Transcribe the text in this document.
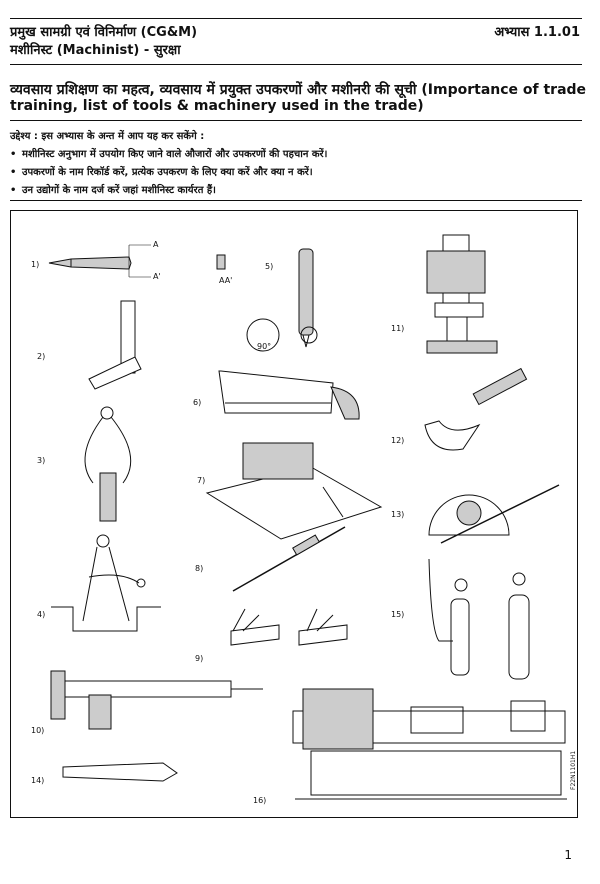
प्रमुख सामग्री एवं विनिर्माण (CG&M)
मशीनिस्ट (Machinist) - सुरक्षा
अभ्यास 1.1.01
व्यवसाय प्रशिक्षण का महत्व, व्यवसाय में प्रयुक्त उपकरणों और मशीनरी की सूची (Importance of trade
training, list of tools & machinery used in the trade)
उद्देश्य : इस अभ्यास के अन्त में आप यह कर सकेंगे :
• मशीनिस्ट अनुभाग में उपयोग किए जाने वाले औजारों और उपकरणों की पहचान करें।
• उपकरणों के नाम रिकॉर्ड करें, प्रत्येक उपकरण के लिए क्या करें और क्या न करें।
• उन उद्योगों के नाम दर्ज करें जहां मशीनिस्ट कार्यरत हैं।
1)
2)
3)
4)
5)
6)
7)
8)
9)
10)
11)
12)
13)
14)
15)
16)
A
A'	AA'
90°
F22N1101H1
1
